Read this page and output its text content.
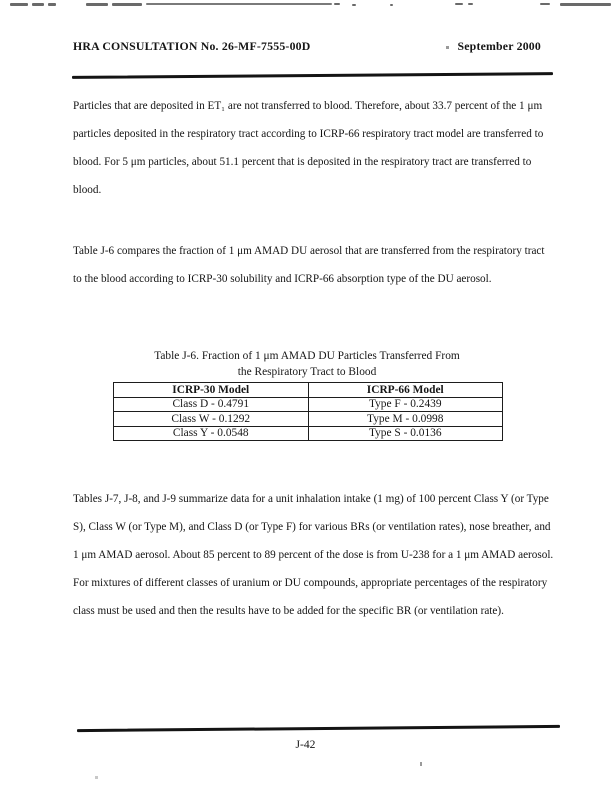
HRA CONSULTATION No. 26-MF-7555-00D	September 2000
Particles that are deposited in ET₁ are not transferred to blood. Therefore, about 33.7 percent of the 1 μm particles deposited in the respiratory tract according to ICRP-66 respiratory tract model are transferred to blood. For 5 μm particles, about 51.1 percent that is deposited in the respiratory tract are transferred to blood.
Table J-6 compares the fraction of 1 μm AMAD DU aerosol that are transferred from the respiratory tract to the blood according to ICRP-30 solubility and ICRP-66 absorption type of the DU aerosol.
Table J-6. Fraction of 1 μm AMAD DU Particles Transferred From
the Respiratory Tract to Blood
ICRP-30 Model	ICRP-66 Model
Class D - 0.4791	Type F - 0.2439
Class W - 0.1292	Type M - 0.0998
Class Y - 0.0548	Type S - 0.0136
Tables J-7, J-8, and J-9 summarize data for a unit inhalation intake (1 mg) of 100 percent Class Y (or Type S), Class W (or Type M), and Class D (or Type F) for various BRs (or ventilation rates), nose breather, and 1 μm AMAD aerosol. About 85 percent to 89 percent of the dose is from U-238 for a 1 μm AMAD aerosol. For mixtures of different classes of uranium or DU compounds, appropriate percentages of the respiratory class must be used and then the results have to be added for the specific BR (or ventilation rate).
J-42
